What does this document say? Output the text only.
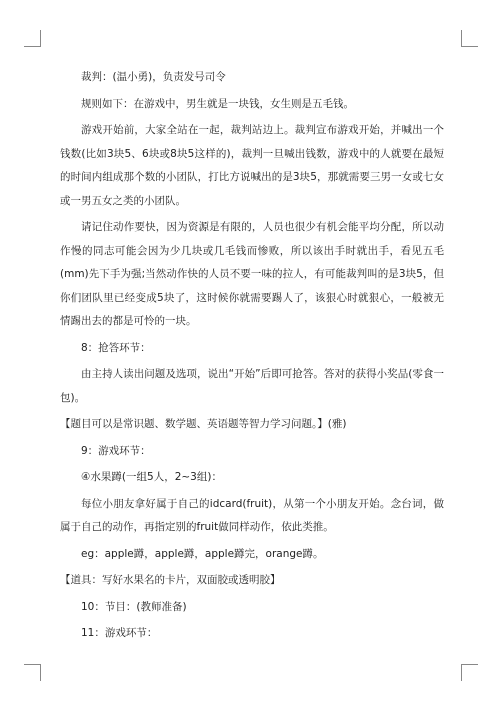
裁判：(温小勇)，负责发号司令

规则如下：在游戏中，男生就是一块钱，女生则是五毛钱。

游戏开始前，大家全站在一起，裁判站边上。裁判宣布游戏开始，并喊出一个钱数(比如3块5、6块或8块5这样的)，裁判一旦喊出钱数，游戏中的人就要在最短的时间内组成那个数的小团队，打比方说喊出的是3块5，那就需要三男一女或七女或一男五女之类的小团队。

请记住动作要快，因为资源是有限的，人员也很少有机会能平均分配，所以动作慢的同志可能会因为少几块或几毛钱而惨败，所以该出手时就出手，看见五毛(mm)先下手为强;当然动作快的人员不要一味的拉人，有可能裁判叫的是3块5，但你们团队里已经变成5块了，这时候你就需要踢人了，该狠心时就狠心，一般被无情踢出去的都是可怜的一块。

8：抢答环节：

由主持人读出问题及选项，说出“开始”后即可抢答。答对的获得小奖品(零食一包)。

【题目可以是常识题、数学题、英语题等智力学习问题。】(雅)

9：游戏环节：

④水果蹲(一组5人，2~3组)：

每位小朋友拿好属于自己的idcard(fruit)，从第一个小朋友开始。念台词，做属于自己的动作，再指定别的fruit做同样动作，依此类推。

eg：apple蹲，apple蹲，apple蹲完，orange蹲。

【道具：写好水果名的卡片，双面胶或透明胶】

10：节目：(教师准备)

11：游戏环节：
